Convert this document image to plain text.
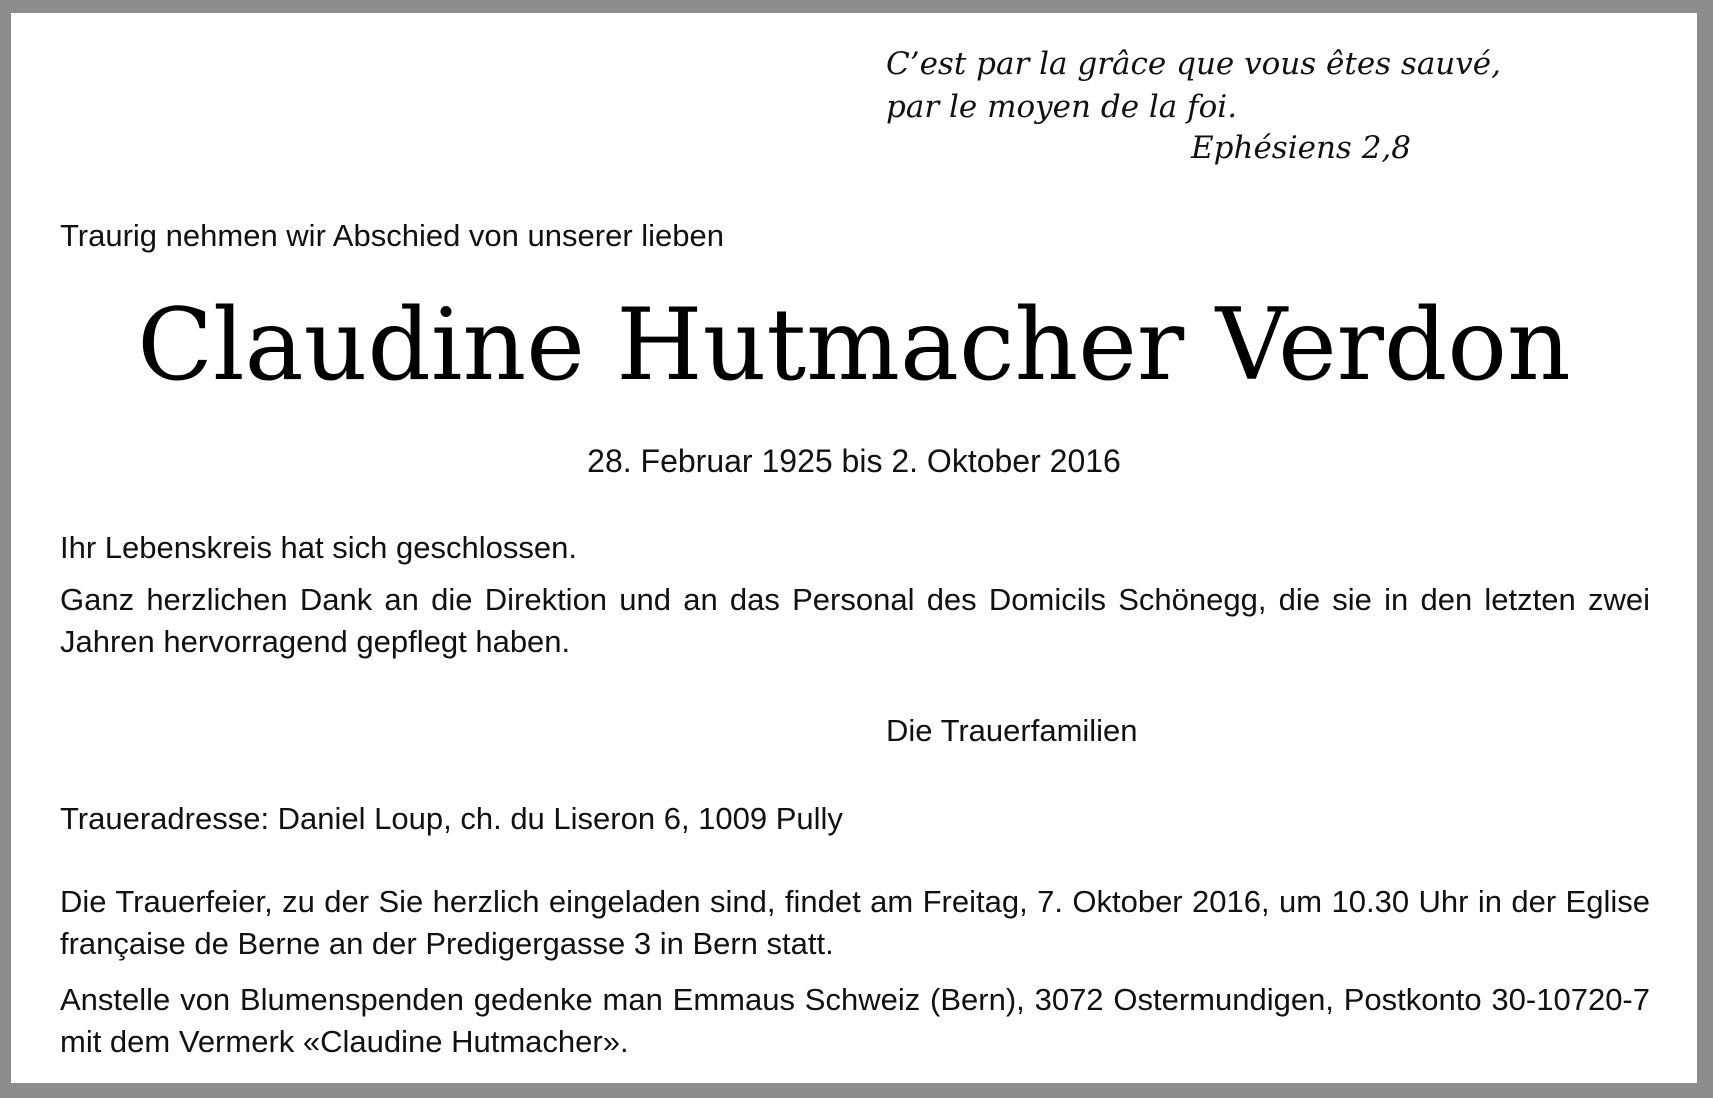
C’est par la grâce que vous êtes sauvé,
par le moyen de la foi.
Ephésiens 2,8
Traurig nehmen wir Abschied von unserer lieben
Claudine Hutmacher Verdon
28. Februar 1925 bis 2. Oktober 2016
Ihr Lebenskreis hat sich geschlossen.
Ganz herzlichen Dank an die Direktion und an das Personal des Domicils Schönegg, die sie in den letzten zwei Jahren hervorragend gepflegt haben.
Die Trauerfamilien
Traueradresse: Daniel Loup, ch. du Liseron 6, 1009 Pully
Die Trauerfeier, zu der Sie herzlich eingeladen sind, findet am Freitag, 7. Oktober 2016, um 10.30 Uhr in der Eglise française de Berne an der Predigergasse 3 in Bern statt.
Anstelle von Blumenspenden gedenke man Emmaus Schweiz (Bern), 3072 Ostermundigen, Postkonto 30-10720-7 mit dem Vermerk «Claudine Hutmacher».
